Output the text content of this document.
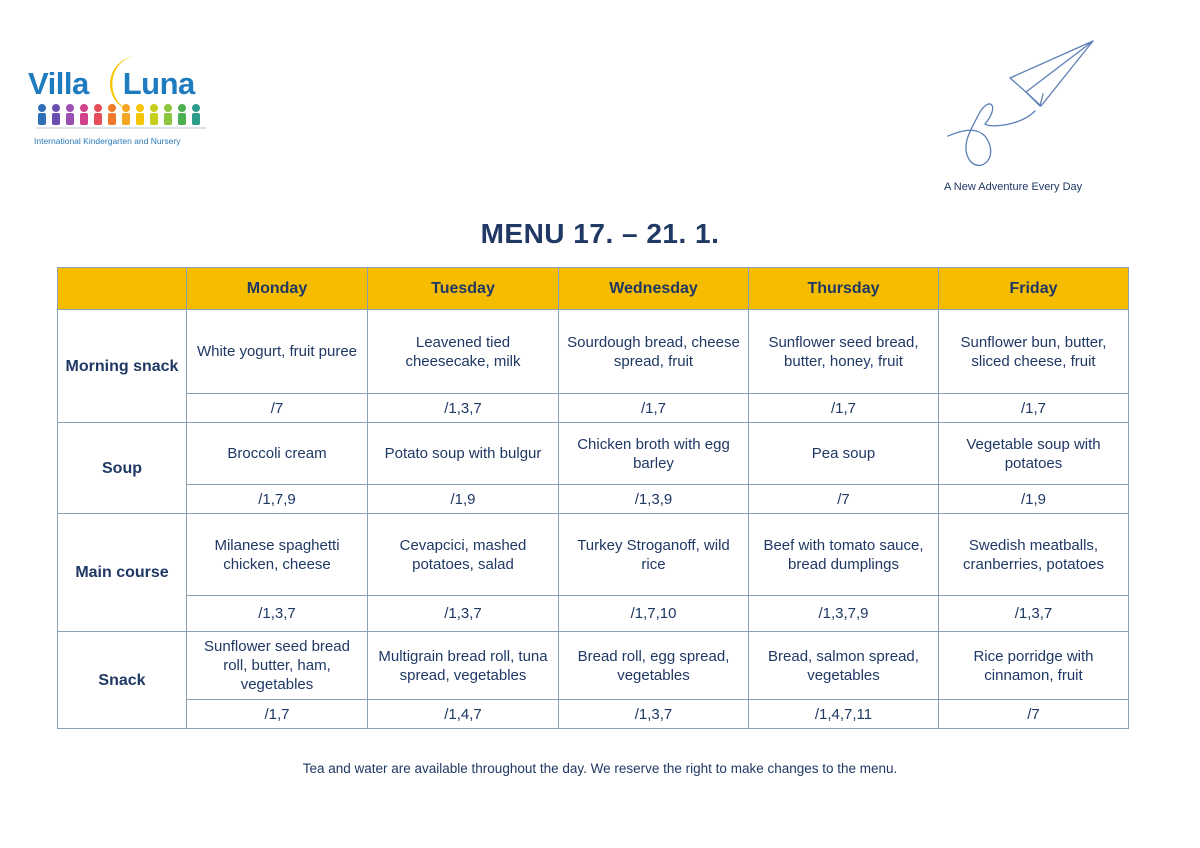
Villa Luna
International Kindergarten and Nursery
A New Adventure Every Day
MENU 17. – 21. 1.
	Monday	Tuesday	Wednesday	Thursday	Friday
Morning snack	White yogurt, fruit puree	Leavened tied cheesecake, milk	Sourdough bread, cheese spread, fruit	Sunflower seed bread, butter, honey, fruit	Sunflower bun, butter, sliced cheese, fruit
	/7	/1,3,7	/1,7	/1,7	/1,7
Soup	Broccoli cream	Potato soup with bulgur	Chicken broth with egg barley	Pea soup	Vegetable soup with potatoes
	/1,7,9	/1,9	/1,3,9	/7	/1,9
Main course	Milanese spaghetti chicken, cheese	Cevapcici, mashed potatoes, salad	Turkey Stroganoff, wild rice	Beef with tomato sauce, bread dumplings	Swedish meatballs, cranberries, potatoes
	/1,3,7	/1,3,7	/1,7,10	/1,3,7,9	/1,3,7
Snack	Sunflower seed bread roll, butter, ham, vegetables	Multigrain bread roll, tuna spread, vegetables	Bread roll, egg spread, vegetables	Bread, salmon spread, vegetables	Rice porridge with cinnamon, fruit
	/1,7	/1,4,7	/1,3,7	/1,4,7,11	/7
Tea and water are available throughout the day. We reserve the right to make changes to the menu.
